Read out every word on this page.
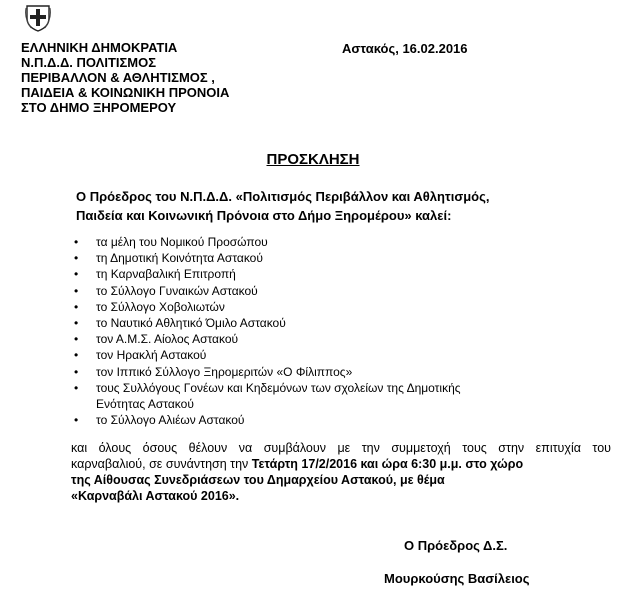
ΕΛΛΗΝΙΚΗ ΔΗΜΟΚΡΑΤΙΑ
Ν.Π.Δ.Δ. ΠΟΛΙΤΙΣΜΟΣ
ΠΕΡΙΒΑΛΛΟΝ & ΑΘΛΗΤΙΣΜΟΣ ,
ΠΑΙΔΕΙΑ & ΚΟΙΝΩΝΙΚΗ ΠΡΟΝΟΙΑ
ΣΤΟ ΔΗΜΟ ΞΗΡΟΜΕΡΟΥ
Αστακός, 16.02.2016
ΠΡΟΣΚΛΗΣΗ
Ο Πρόεδρος του Ν.Π.Δ.Δ. «Πολιτισμός Περιβάλλον και Αθλητισμός,
Παιδεία και Κοινωνική Πρόνοια στο Δήμο Ξηρομέρου» καλεί:
• τα μέλη του Νομικού Προσώπου
• τη Δημοτική Κοινότητα Αστακού
• τη Καρναβαλική Επιτροπή
• το Σύλλογο Γυναικών Αστακού
• το Σύλλογο Χοβολιωτών
• το Ναυτικό Αθλητικό Όμιλο Αστακού
• τον Α.Μ.Σ. Αίολος Αστακού
• τον Ηρακλή Αστακού
• τον Ιππικό Σύλλογο Ξηρομεριτών «Ο Φίλιππος»
• τους Συλλόγους Γονέων και Κηδεμόνων των σχολείων της Δημοτικής
Ενότητας Αστακού
• το Σύλλογο Αλιέων Αστακού

και όλους όσους θέλουν να συμβάλουν με την συμμετοχή τους στην επιτυχία του

καρναβαλιού, σε συνάντηση την Τετάρτη 17/2/2016 και ώρα 6:30 μ.μ. στο χώρο

της Αίθουσας Συνεδριάσεων του Δημαρχείου Αστακού, με θέμα

«Καρναβάλι Αστακού 2016».

Ο Πρόεδρος Δ.Σ.
Μουρκούσης Βασίλειος
